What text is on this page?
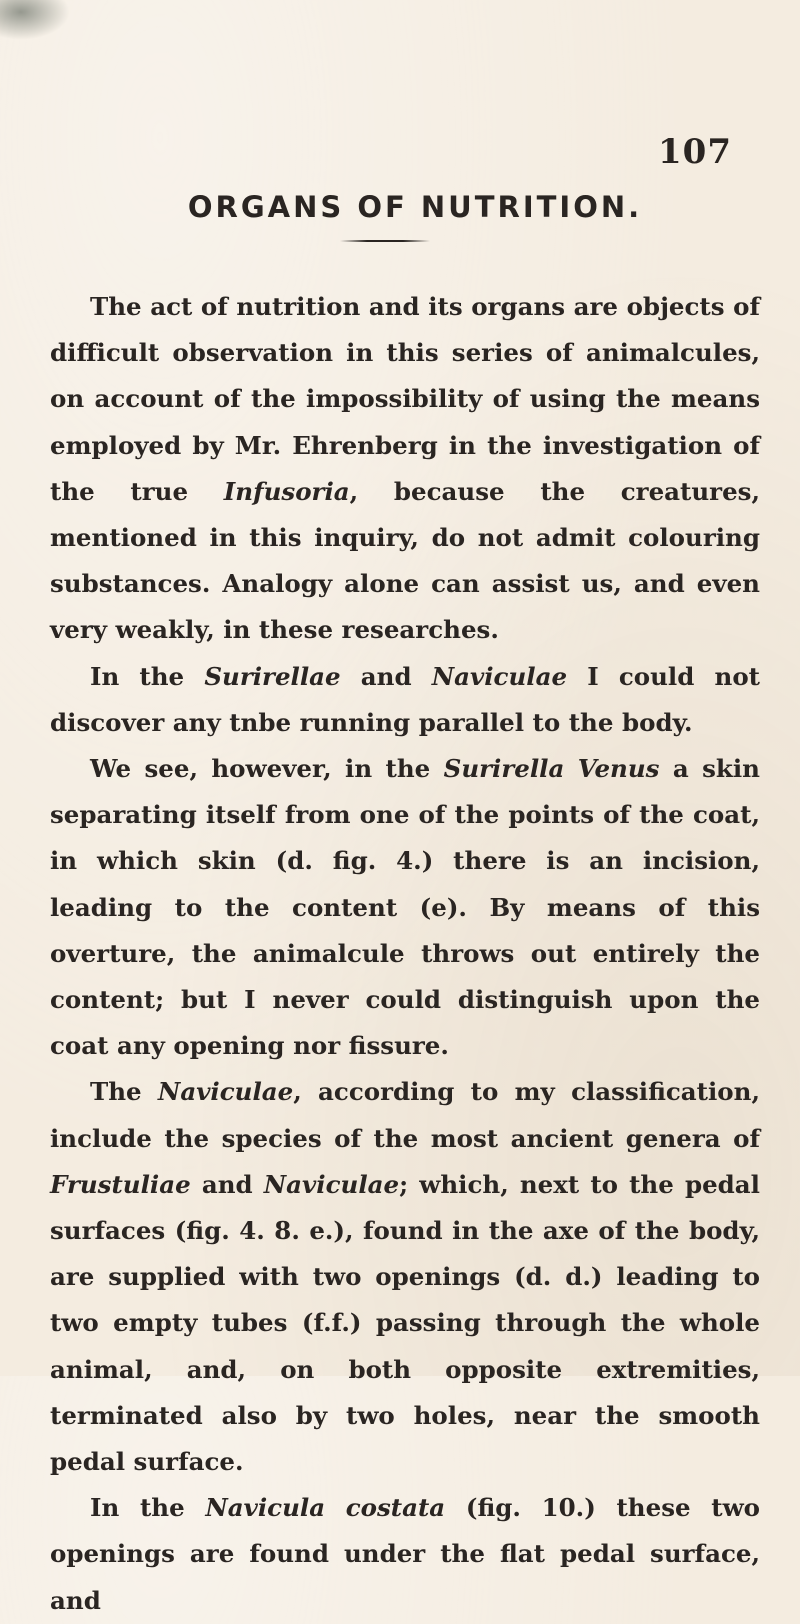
107
ORGANS OF NUTRITION.

The act of nutrition and its organs are objects of difficult observation in this series of animalcules, on account of the impossibility of using the means employed by Mr. Ehrenberg in the investigation of the true Infusoria, because the creatures, mentioned in this inquiry, do not admit colouring substances. Analogy alone can assist us, and even very weakly, in these researches.

In the Surirellae and Naviculae I could not discover any tnbe running parallel to the body.

We see, however, in the Surirella Venus a skin separating itself from one of the points of the coat, in which skin (d. fig. 4.) there is an incision, leading to the content (e). By means of this overture, the animalcule throws out entirely the content; but I never could distinguish upon the coat any opening nor fissure.

The Naviculae, according to my classification, include the species of the most ancient genera of Frustuliae and Naviculae; which, next to the pedal surfaces (fig. 4. 8. e.), found in the axe of the body, are supplied with two openings (d. d.) leading to two empty tubes (f.f.) passing through the whole animal, and, on both opposite extremities, terminated also by two holes, near the smooth pedal surface.

In the Navicula costata (fig. 10.) these two openings are found under the flat pedal surface, and
